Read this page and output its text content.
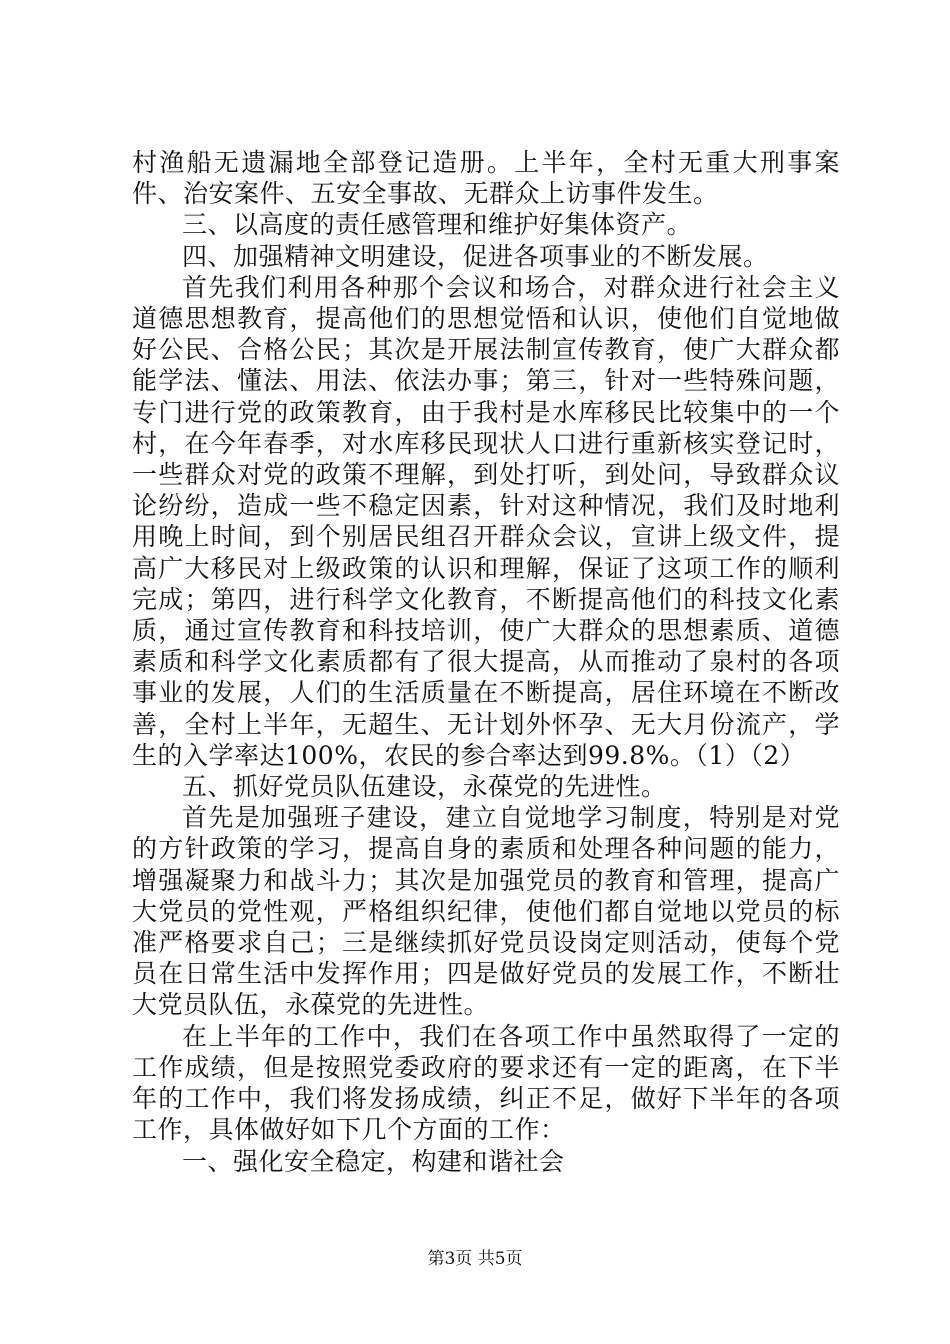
村渔船无遗漏地全部登记造册。上半年，全村无重大刑事案件、治安案件、五安全事故、无群众上访事件发生。

三、以高度的责任感管理和维护好集体资产。

四、加强精神文明建设，促进各项事业的不断发展。

首先我们利用各种那个会议和场合，对群众进行社会主义道德思想教育，提高他们的思想觉悟和认识，使他们自觉地做好公民、合格公民；其次是开展法制宣传教育，使广大群众都能学法、懂法、用法、依法办事；第三，针对一些特殊问题，专门进行党的政策教育，由于我村是水库移民比较集中的一个村，在今年春季，对水库移民现状人口进行重新核实登记时，一些群众对党的政策不理解，到处打听，到处问，导致群众议论纷纷，造成一些不稳定因素，针对这种情况，我们及时地利用晚上时间，到个别居民组召开群众会议，宣讲上级文件，提高广大移民对上级政策的认识和理解，保证了这项工作的顺利完成；第四，进行科学文化教育，不断提高他们的科技文化素质，通过宣传教育和科技培训，使广大群众的思想素质、道德素质和科学文化素质都有了很大提高，从而推动了泉村的各项事业的发展，人们的生活质量在不断提高，居住环境在不断改善，全村上半年，无超生、无计划外怀孕、无大月份流产，学生的入学率达100%，农民的参合率达到99.8%。（1）（2）

五、抓好党员队伍建设，永葆党的先进性。

首先是加强班子建设，建立自觉地学习制度，特别是对党的方针政策的学习，提高自身的素质和处理各种问题的能力，增强凝聚力和战斗力；其次是加强党员的教育和管理，提高广大党员的党性观，严格组织纪律，使他们都自觉地以党员的标准严格要求自己；三是继续抓好党员设岗定则活动，使每个党员在日常生活中发挥作用；四是做好党员的发展工作，不断壮大党员队伍，永葆党的先进性。

在上半年的工作中，我们在各项工作中虽然取得了一定的工作成绩，但是按照党委政府的要求还有一定的距离，在下半年的工作中，我们将发扬成绩，纠正不足，做好下半年的各项工作，具体做好如下几个方面的工作：

一、强化安全稳定，构建和谐社会

第3页 共5页
